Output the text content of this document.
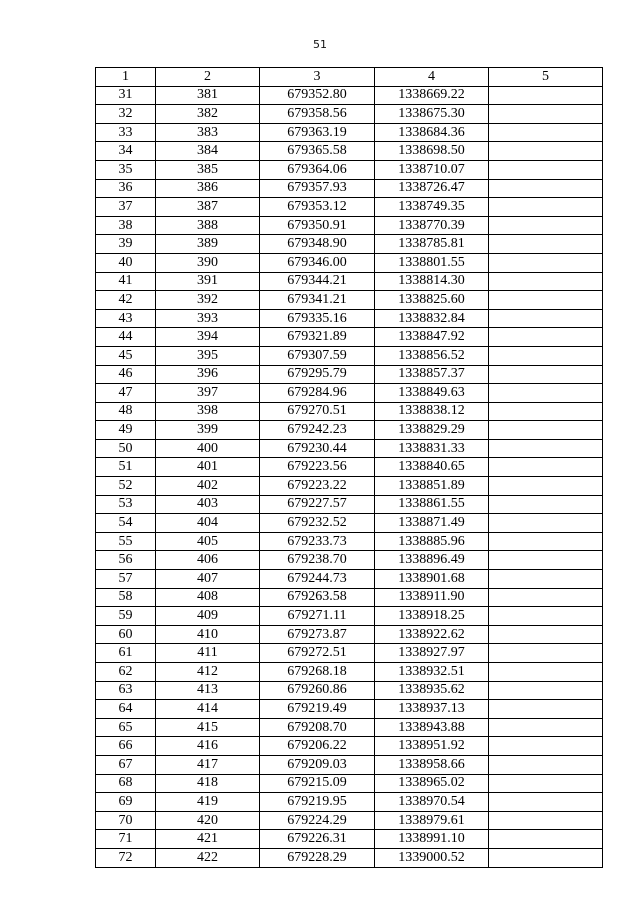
51
1	2	3	4	5
31	381	679352.80	1338669.22	
32	382	679358.56	1338675.30	
33	383	679363.19	1338684.36	
34	384	679365.58	1338698.50	
35	385	679364.06	1338710.07	
36	386	679357.93	1338726.47	
37	387	679353.12	1338749.35	
38	388	679350.91	1338770.39	
39	389	679348.90	1338785.81	
40	390	679346.00	1338801.55	
41	391	679344.21	1338814.30	
42	392	679341.21	1338825.60	
43	393	679335.16	1338832.84	
44	394	679321.89	1338847.92	
45	395	679307.59	1338856.52	
46	396	679295.79	1338857.37	
47	397	679284.96	1338849.63	
48	398	679270.51	1338838.12	
49	399	679242.23	1338829.29	
50	400	679230.44	1338831.33	
51	401	679223.56	1338840.65	
52	402	679223.22	1338851.89	
53	403	679227.57	1338861.55	
54	404	679232.52	1338871.49	
55	405	679233.73	1338885.96	
56	406	679238.70	1338896.49	
57	407	679244.73	1338901.68	
58	408	679263.58	1338911.90	
59	409	679271.11	1338918.25	
60	410	679273.87	1338922.62	
61	411	679272.51	1338927.97	
62	412	679268.18	1338932.51	
63	413	679260.86	1338935.62	
64	414	679219.49	1338937.13	
65	415	679208.70	1338943.88	
66	416	679206.22	1338951.92	
67	417	679209.03	1338958.66	
68	418	679215.09	1338965.02	
69	419	679219.95	1338970.54	
70	420	679224.29	1338979.61	
71	421	679226.31	1338991.10	
72	422	679228.29	1339000.52	
